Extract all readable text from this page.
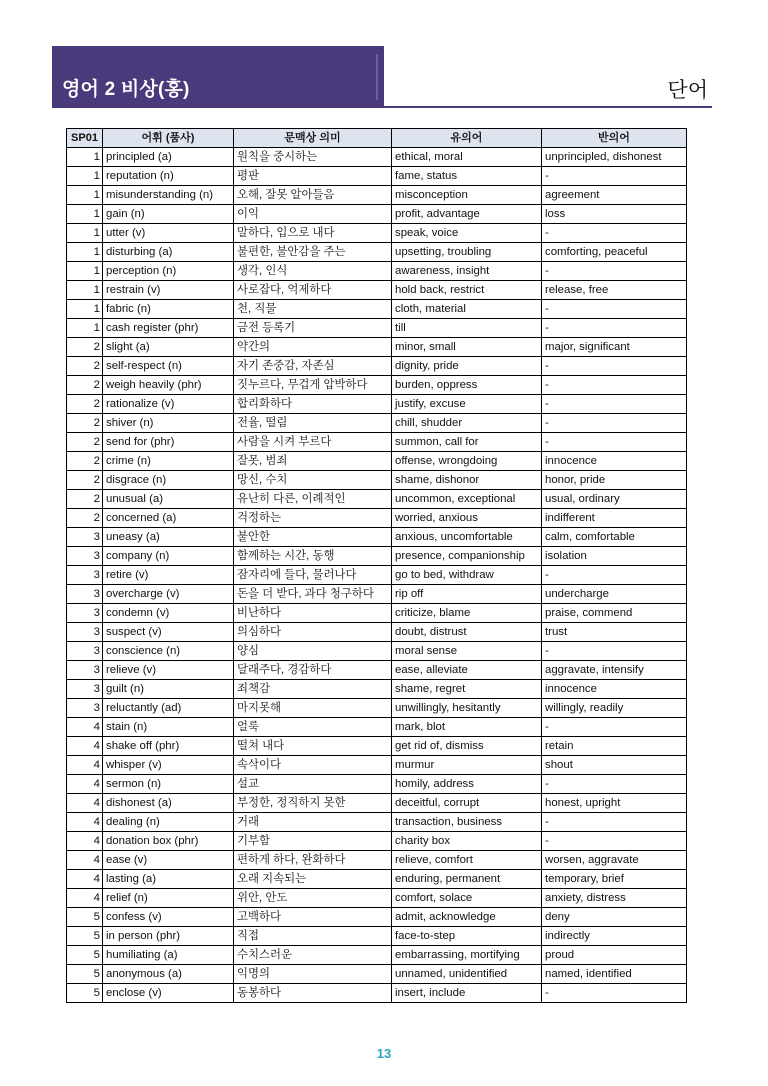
영어 2 비상(홍)	단어
SP01	어휘 (품사)	문맥상 의미	유의어	반의어
1	principled (a)	원칙을 중시하는	ethical, moral	unprincipled, dishonest
1	reputation (n)	평판	fame, status	-
1	misunderstanding (n)	오해, 잘못 알아들음	misconception	agreement
1	gain (n)	이익	profit, advantage	loss
1	utter (v)	말하다, 입으로 내다	speak, voice	-
1	disturbing (a)	불편한, 불안감을 주는	upsetting, troubling	comforting, peaceful
1	perception (n)	생각, 인식	awareness, insight	-
1	restrain (v)	사로잡다, 억제하다	hold back, restrict	release, free
1	fabric (n)	천, 직물	cloth, material	-
1	cash register (phr)	금전 등록기	till	-
2	slight (a)	약간의	minor, small	major, significant
2	self-respect (n)	자기 존중감, 자존심	dignity, pride	-
2	weigh heavily (phr)	짓누르다, 무겁게 압박하다	burden, oppress	-
2	rationalize (v)	합리화하다	justify, excuse	-
2	shiver (n)	전율, 떨림	chill, shudder	-
2	send for (phr)	사람을 시켜 부르다	summon, call for	-
2	crime (n)	잘못, 범죄	offense, wrongdoing	innocence
2	disgrace (n)	망신, 수치	shame, dishonor	honor, pride
2	unusual (a)	유난히 다른, 이례적인	uncommon, exceptional	usual, ordinary
2	concerned (a)	걱정하는	worried, anxious	indifferent
3	uneasy (a)	불안한	anxious, uncomfortable	calm, comfortable
3	company (n)	함께하는 시간, 동행	presence, companionship	isolation
3	retire (v)	잠자리에 들다, 물러나다	go to bed, withdraw	-
3	overcharge (v)	돈을 더 받다, 과다 청구하다	rip off	undercharge
3	condemn (v)	비난하다	criticize, blame	praise, commend
3	suspect (v)	의심하다	doubt, distrust	trust
3	conscience (n)	양심	moral sense	-
3	relieve (v)	달래주다, 경감하다	ease, alleviate	aggravate, intensify
3	guilt (n)	죄책감	shame, regret	innocence
3	reluctantly (ad)	마지못해	unwillingly, hesitantly	willingly, readily
4	stain (n)	얼룩	mark, blot	-
4	shake off (phr)	떨쳐 내다	get rid of, dismiss	retain
4	whisper (v)	속삭이다	murmur	shout
4	sermon (n)	설교	homily, address	-
4	dishonest (a)	부정한, 정직하지 못한	deceitful, corrupt	honest, upright
4	dealing (n)	거래	transaction, business	-
4	donation box (phr)	기부함	charity box	-
4	ease (v)	편하게 하다, 완화하다	relieve, comfort	worsen, aggravate
4	lasting (a)	오래 지속되는	enduring, permanent	temporary, brief
4	relief (n)	위안, 안도	comfort, solace	anxiety, distress
5	confess (v)	고백하다	admit, acknowledge	deny
5	in person (phr)	직접	face-to-step	indirectly
5	humiliating (a)	수치스러운	embarrassing, mortifying	proud
5	anonymous (a)	익명의	unnamed, unidentified	named, identified
5	enclose (v)	동봉하다	insert, include	-
13
